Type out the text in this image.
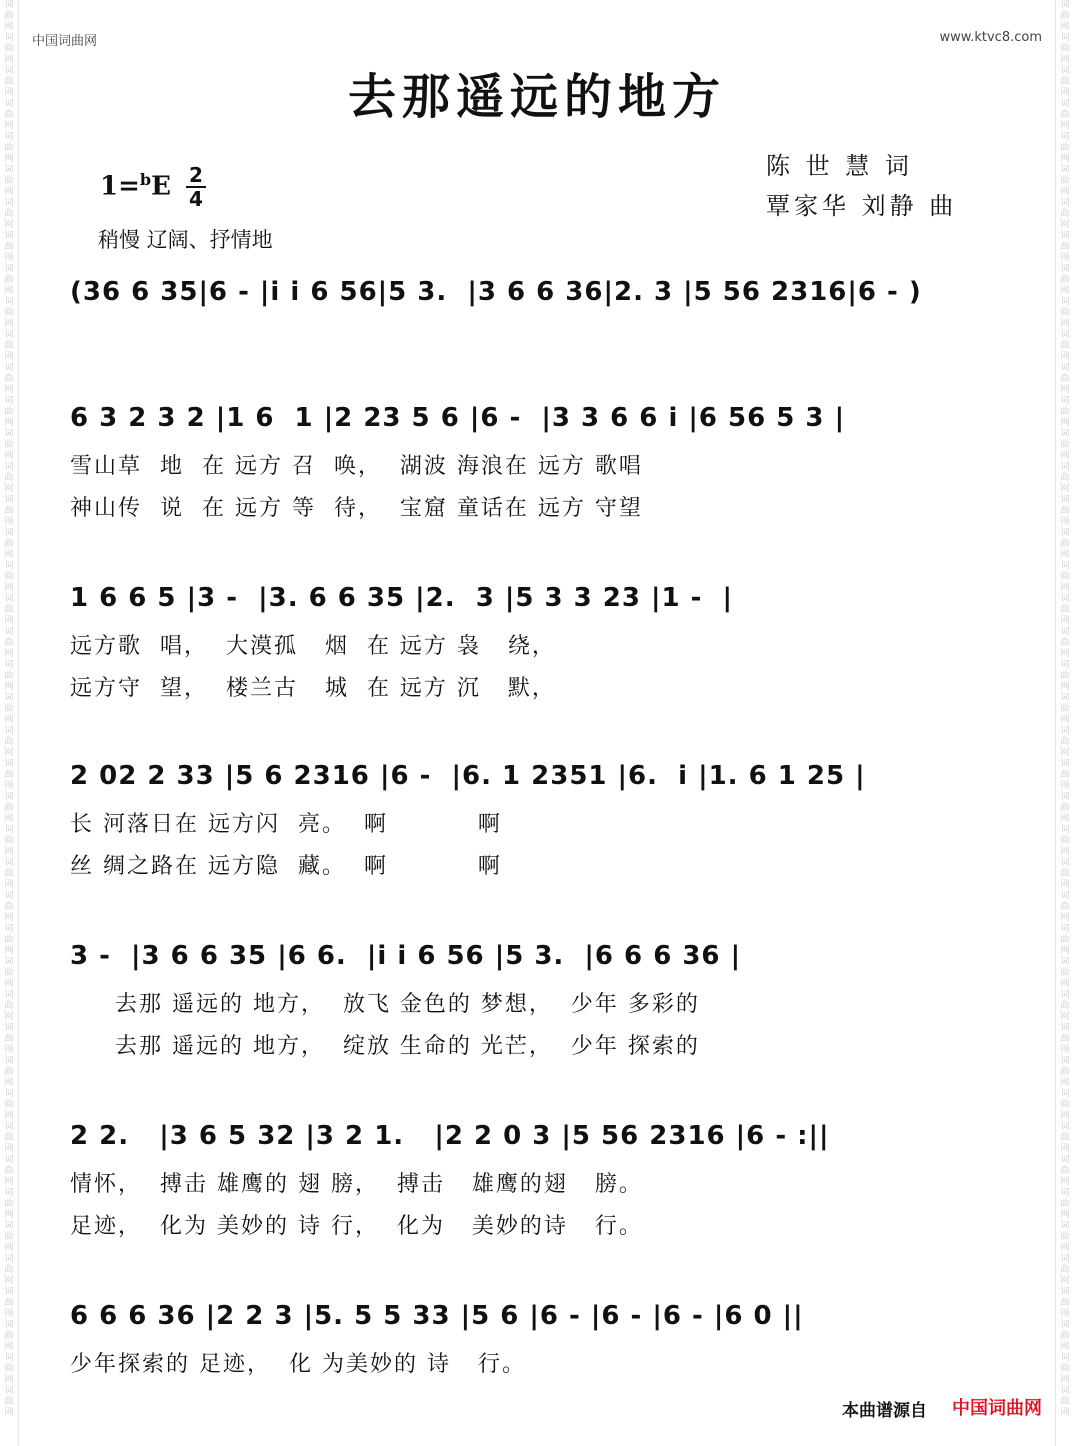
词曲网词曲网词曲网词曲网词曲网词曲网词曲网词曲网词曲网词曲网词曲网词曲网词曲网词曲网词曲网词曲网词曲网词曲网词曲网词曲网词曲网词曲网词曲网词曲网词曲网词曲网词曲网词曲网词曲网词曲网词曲网词曲网词曲网词曲网词曲网词曲网词曲网词曲网词曲网词曲网词曲网词曲网词曲网
词曲网词曲网词曲网词曲网词曲网词曲网词曲网词曲网词曲网词曲网词曲网词曲网词曲网词曲网词曲网词曲网词曲网词曲网词曲网词曲网词曲网词曲网词曲网词曲网词曲网词曲网词曲网词曲网词曲网词曲网词曲网词曲网词曲网词曲网词曲网词曲网词曲网词曲网词曲网词曲网词曲网词曲网词曲网
中国词曲网	www.ktvc8.com
去那遥远的地方
1=$^b$E 2
4
稍慢 辽阔、抒情地
陈 世 慧 词
覃家华 刘静 曲
(36 6 35|6 - |i i 6 56|5 3.  |3 6 6 36|2. 3 |5 56 2316|6 - )
6 3 2 3 2 |1 6  1 |2 23 5 6 |6 -  |3 3 6 6 i |6 56 5 3 |
雪山草  地  在 远方 召  唤，  湖波 海浪在 远方 歌唱
神山传  说  在 远方 等  待，  宝窟 童话在 远方 守望
1 6 6 5 |3 -  |3. 6 6 35 |2.  3 |5 3 3 23 |1 -  |
远方歌  唱，  大漠孤   烟  在 远方 袅   绕，
远方守  望，  楼兰古   城  在 远方 沉   默，
2 02 2 33 |5 6 2316 |6 -  |6. 1 2351 |6.  i |1. 6 1 25 |
长 河落日在 远方闪  亮。  啊          啊
丝 绸之路在 远方隐  藏。  啊          啊
3 -  |3 6 6 35 |6 6.  |i i 6 56 |5 3.  |6 6 6 36 |
去那 遥远的 地方，  放飞 金色的 梦想，  少年 多彩的
去那 遥远的 地方，  绽放 生命的 光芒，  少年 探索的
2 2.   |3 6 5 32 |3 2 1.   |2 2 0 3 |5 56 2316 |6 - :||
情怀，  搏击 雄鹰的 翅 膀，  搏击   雄鹰的翅   膀。
足迹，  化为 美妙的 诗 行，  化为   美妙的诗   行。
6 6 6 36 |2 2 3 |5. 5 5 33 |5 6 |6 - |6 - |6 - |6 0 ||
少年探索的 足迹，  化 为美妙的 诗   行。
本曲谱源自 中国词曲网
